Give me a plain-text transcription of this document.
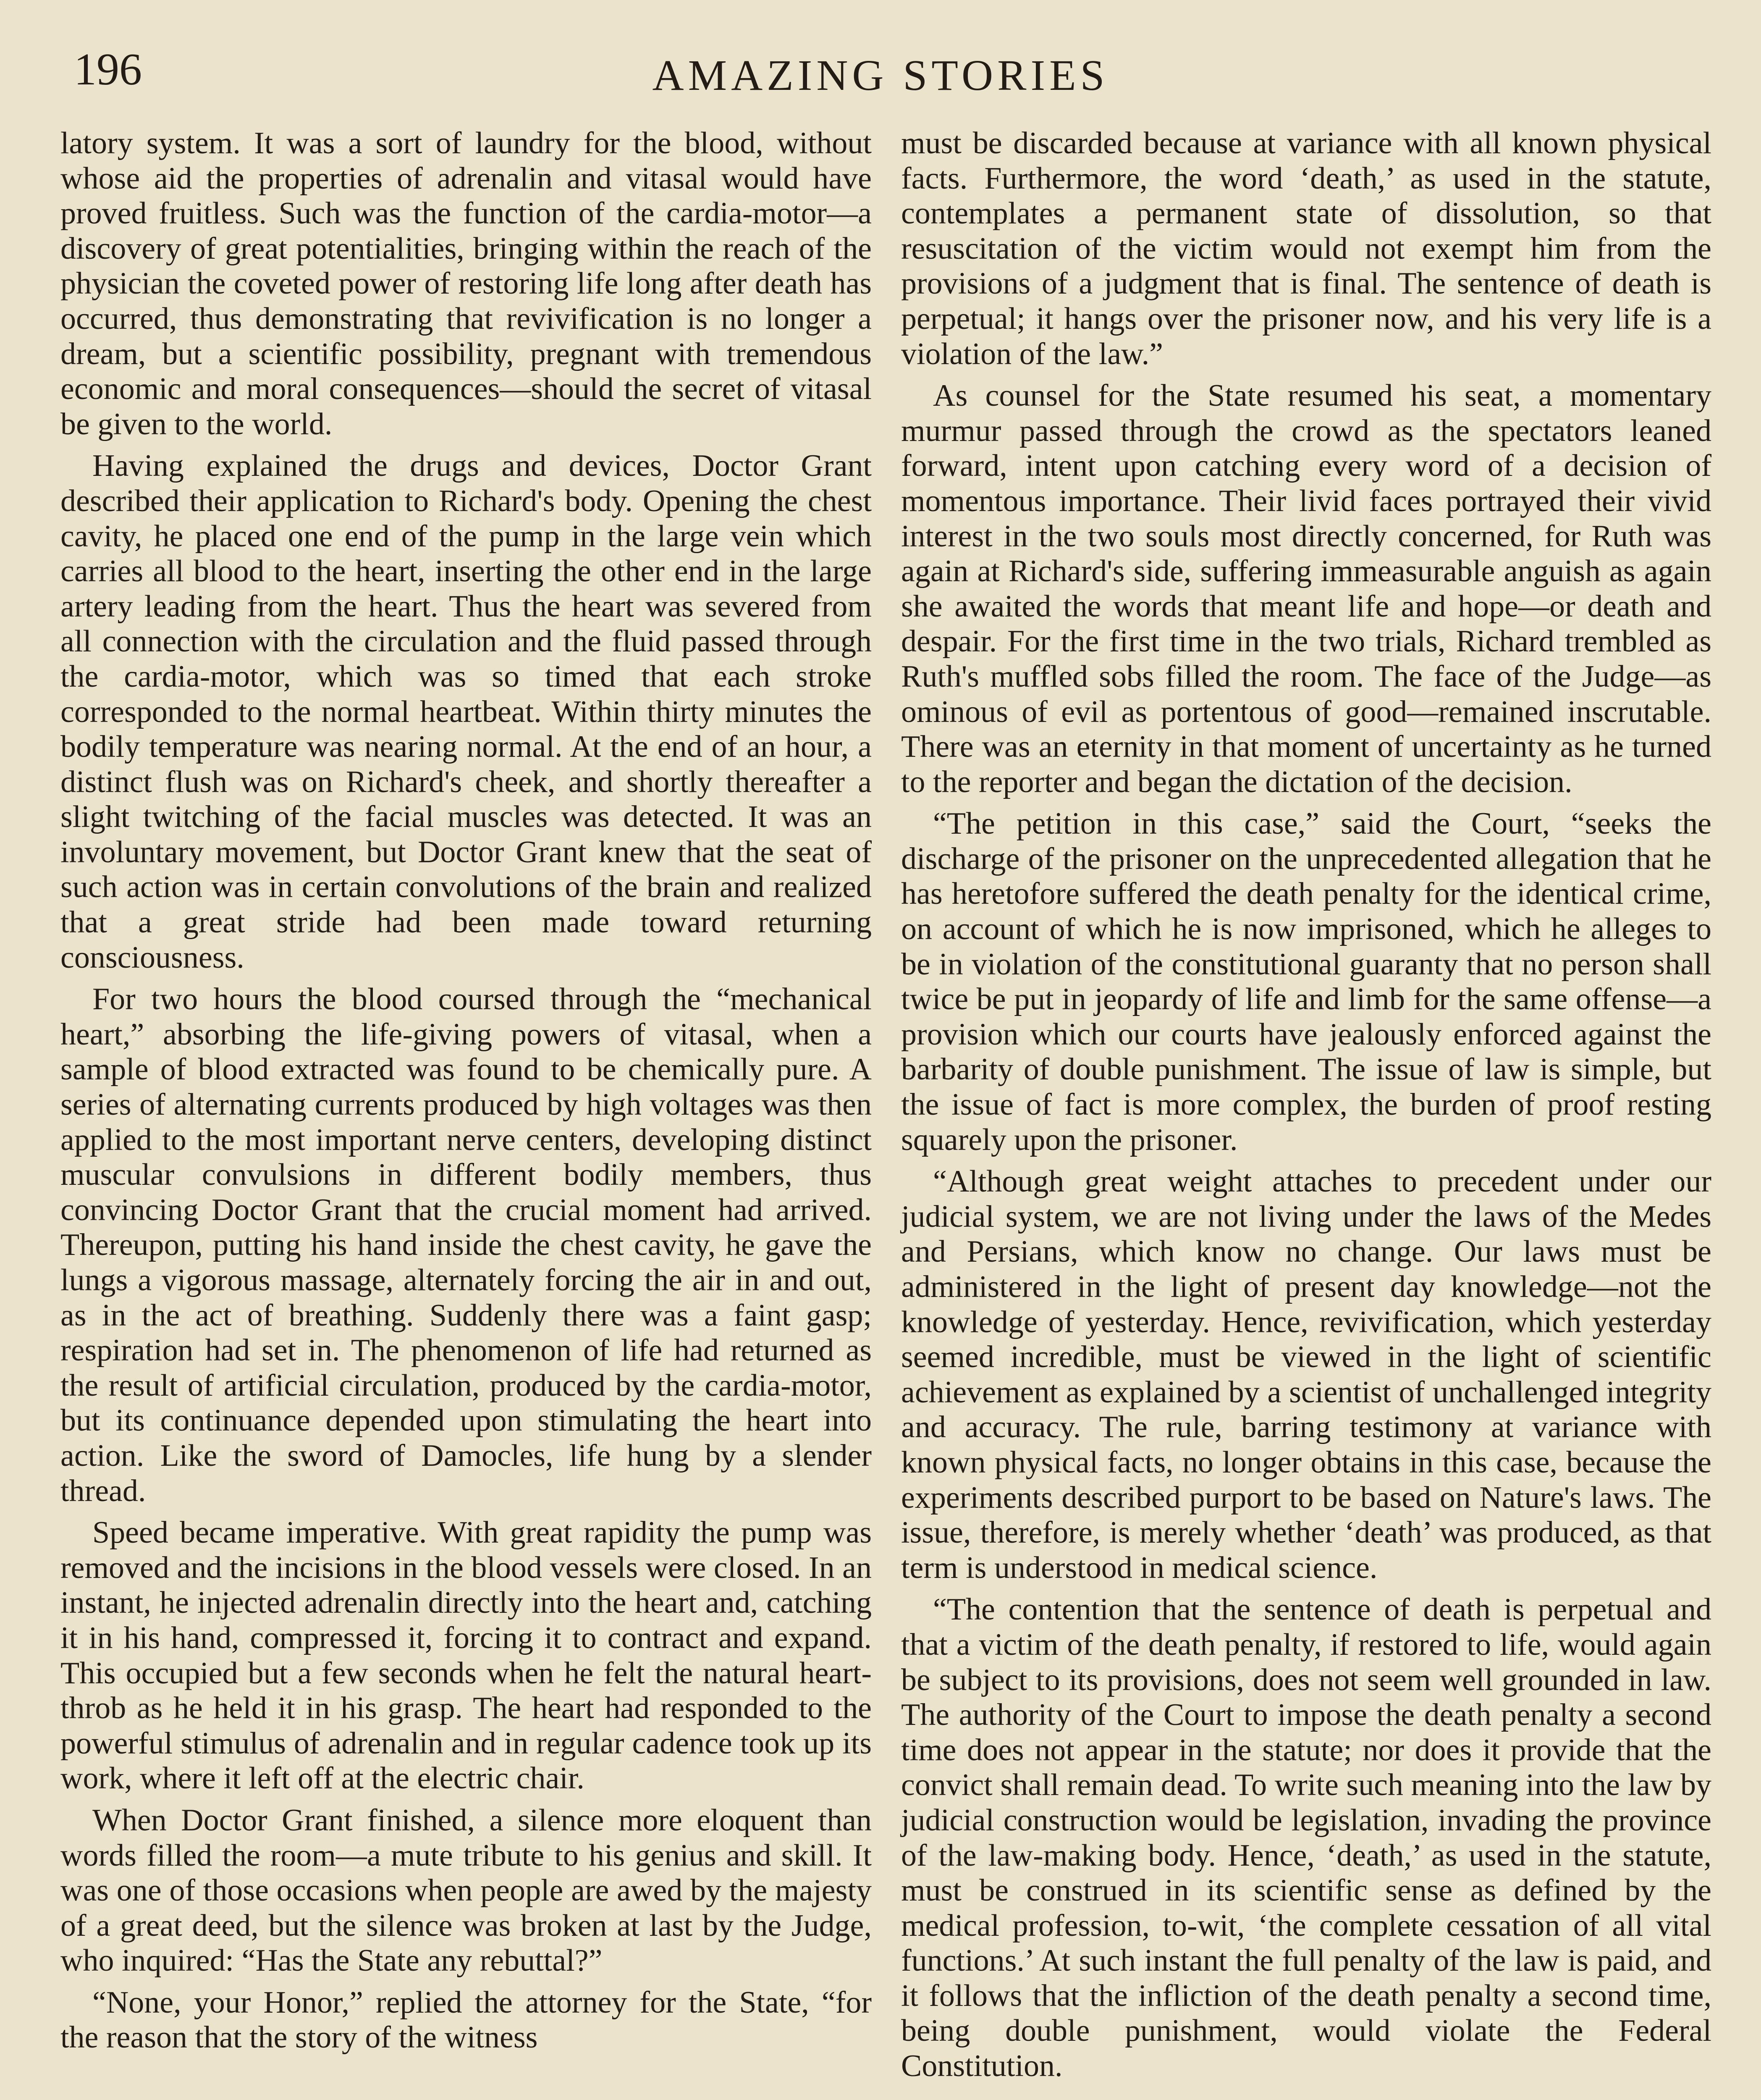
196	AMAZING STORIES

latory system. It was a sort of laundry for the blood, without whose aid the properties of adrenalin and vitasal would have proved fruitless. Such was the function of the cardia-motor—a discovery of great potentialities, bringing within the reach of the physician the coveted power of restoring life long after death has occurred, thus demonstrating that revivification is no longer a dream, but a scientific possibility, pregnant with tremendous economic and moral consequences—should the secret of vitasal be given to the world.

Having explained the drugs and devices, Doctor Grant described their application to Richard's body. Opening the chest cavity, he placed one end of the pump in the large vein which carries all blood to the heart, inserting the other end in the large artery leading from the heart. Thus the heart was severed from all connection with the circulation and the fluid passed through the cardia-motor, which was so timed that each stroke corresponded to the normal heartbeat. Within thirty minutes the bodily temperature was nearing normal. At the end of an hour, a distinct flush was on Richard's cheek, and shortly thereafter a slight twitching of the facial muscles was detected. It was an involuntary movement, but Doctor Grant knew that the seat of such action was in certain convolutions of the brain and realized that a great stride had been made toward returning consciousness.

For two hours the blood coursed through the “mechanical heart,” absorbing the life-giving powers of vitasal, when a sample of blood extracted was found to be chemically pure. A series of alternating currents produced by high voltages was then applied to the most important nerve centers, developing distinct muscular convulsions in different bodily members, thus convincing Doctor Grant that the crucial moment had arrived. Thereupon, putting his hand inside the chest cavity, he gave the lungs a vigorous massage, alternately forcing the air in and out, as in the act of breathing. Suddenly there was a faint gasp; respiration had set in. The phenomenon of life had returned as the result of artificial circulation, produced by the cardia-motor, but its continuance depended upon stimulating the heart into action. Like the sword of Damocles, life hung by a slender thread.

Speed became imperative. With great rapidity the pump was removed and the incisions in the blood vessels were closed. In an instant, he injected adrenalin directly into the heart and, catching it in his hand, compressed it, forcing it to contract and expand. This occupied but a few seconds when he felt the natural heart-throb as he held it in his grasp. The heart had responded to the powerful stimulus of adrenalin and in regular cadence took up its work, where it left off at the electric chair.

When Doctor Grant finished, a silence more eloquent than words filled the room—a mute tribute to his genius and skill. It was one of those occasions when people are awed by the majesty of a great deed, but the silence was broken at last by the Judge, who inquired: “Has the State any rebuttal?”

“None, your Honor,” replied the attorney for the State, “for the reason that the story of the witness

must be discarded because at variance with all known physical facts. Furthermore, the word ‘death,’ as used in the statute, contemplates a permanent state of dissolution, so that resuscitation of the victim would not exempt him from the provisions of a judgment that is final. The sentence of death is perpetual; it hangs over the prisoner now, and his very life is a violation of the law.”

As counsel for the State resumed his seat, a momentary murmur passed through the crowd as the spectators leaned forward, intent upon catching every word of a decision of momentous importance. Their livid faces portrayed their vivid interest in the two souls most directly concerned, for Ruth was again at Richard's side, suffering immeasurable anguish as again she awaited the words that meant life and hope—or death and despair. For the first time in the two trials, Richard trembled as Ruth's muffled sobs filled the room. The face of the Judge—as ominous of evil as portentous of good—remained inscrutable. There was an eternity in that moment of uncertainty as he turned to the reporter and began the dictation of the decision.

“The petition in this case,” said the Court, “seeks the discharge of the prisoner on the unprecedented allegation that he has heretofore suffered the death penalty for the identical crime, on account of which he is now imprisoned, which he alleges to be in violation of the constitutional guaranty that no person shall twice be put in jeopardy of life and limb for the same offense—a provision which our courts have jealously enforced against the barbarity of double punishment. The issue of law is simple, but the issue of fact is more complex, the burden of proof resting squarely upon the prisoner.

“Although great weight attaches to precedent under our judicial system, we are not living under the laws of the Medes and Persians, which know no change. Our laws must be administered in the light of present day knowledge—not the knowledge of yesterday. Hence, revivification, which yesterday seemed incredible, must be viewed in the light of scientific achievement as explained by a scientist of unchallenged integrity and accuracy. The rule, barring testimony at variance with known physical facts, no longer obtains in this case, because the experiments described purport to be based on Nature's laws. The issue, therefore, is merely whether ‘death’ was produced, as that term is understood in medical science.

“The contention that the sentence of death is perpetual and that a victim of the death penalty, if restored to life, would again be subject to its provisions, does not seem well grounded in law. The authority of the Court to impose the death penalty a second time does not appear in the statute; nor does it provide that the convict shall remain dead. To write such meaning into the law by judicial construction would be legislation, invading the province of the law-making body. Hence, ‘death,’ as used in the statute, must be construed in its scientific sense as defined by the medical profession, to-wit, ‘the complete cessation of all vital functions.’ At such instant the full penalty of the law is paid, and it follows that the infliction of the death penalty a second time, being double punishment, would violate the Federal Constitution.
